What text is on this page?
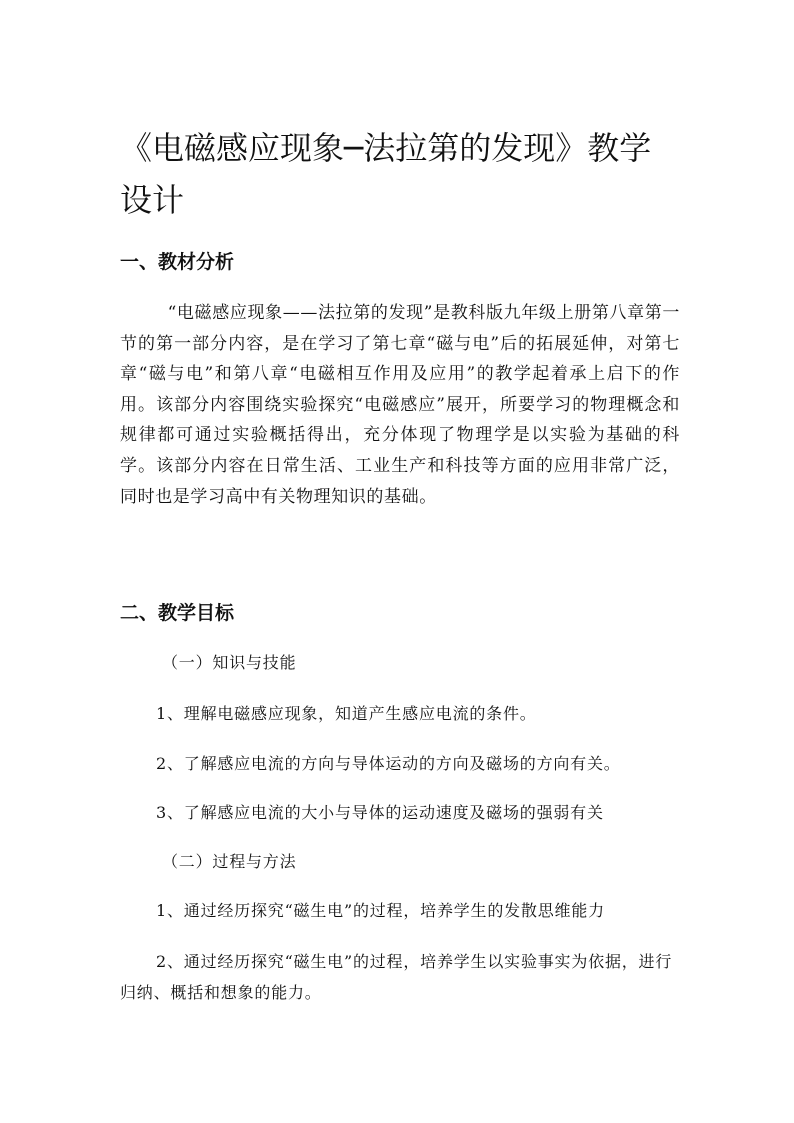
《电磁感应现象─法拉第的发现》教学设计
一、教材分析

“电磁感应现象——法拉第的发现”是教科版九年级上册第八章第一节的第一部分内容，是在学习了第七章“磁与电”后的拓展延伸，对第七章“磁与电”和第八章“电磁相互作用及应用”的教学起着承上启下的作用。该部分内容围绕实验探究“电磁感应”展开，所要学习的物理概念和规律都可通过实验概括得出，充分体现了物理学是以实验为基础的科学。该部分内容在日常生活、工业生产和科技等方面的应用非常广泛，同时也是学习高中有关物理知识的基础。

二、教学目标

（一）知识与技能

1、理解电磁感应现象，知道产生感应电流的条件。

2、了解感应电流的方向与导体运动的方向及磁场的方向有关。

3、了解感应电流的大小与导体的运动速度及磁场的强弱有关

（二）过程与方法

1、通过经历探究“磁生电”的过程，培养学生的发散思维能力

2、通过经历探究“磁生电”的过程，培养学生以实验事实为依据，进行归纳、概括和想象的能力。
